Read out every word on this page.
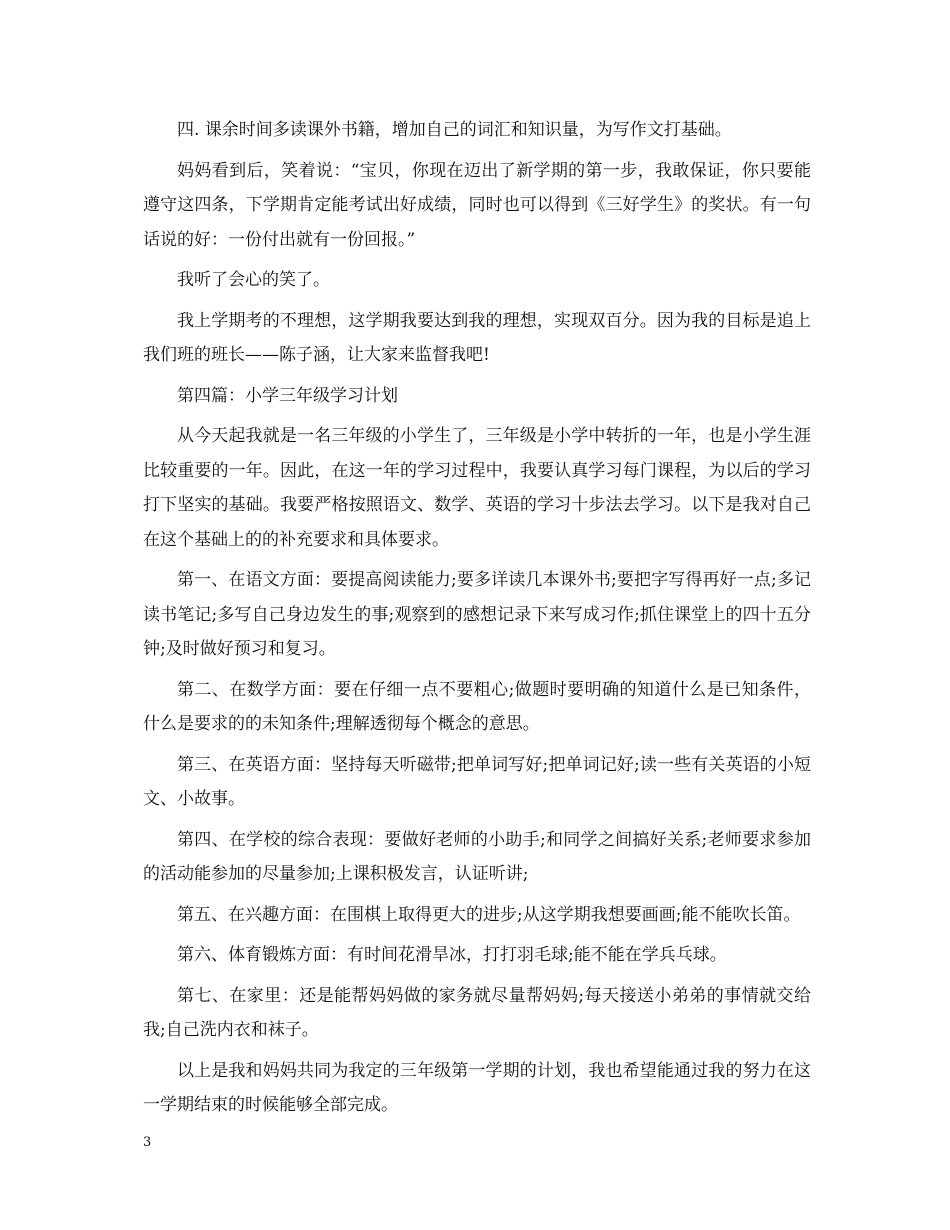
四. 课余时间多读课外书籍，增加自己的词汇和知识量，为写作文打基础。

妈妈看到后，笑着说：“宝贝，你现在迈出了新学期的第一步，我敢保证，你只要能遵守这四条，下学期肯定能考试出好成绩，同时也可以得到《三好学生》的奖状。有一句话说的好：一份付出就有一份回报。”

我听了会心的笑了。

我上学期考的不理想，这学期我要达到我的理想，实现双百分。因为我的目标是追上我们班的班长——陈子涵，让大家来监督我吧!

第四篇：小学三年级学习计划

从今天起我就是一名三年级的小学生了，三年级是小学中转折的一年，也是小学生涯比较重要的一年。因此，在这一年的学习过程中，我要认真学习每门课程，为以后的学习打下坚实的基础。我要严格按照语文、数学、英语的学习十步法去学习。以下是我对自己在这个基础上的的补充要求和具体要求。

第一、在语文方面：要提高阅读能力;要多详读几本课外书;要把字写得再好一点;多记读书笔记;多写自己身边发生的事;观察到的感想记录下来写成习作;抓住课堂上的四十五分钟;及时做好预习和复习。

第二、在数学方面：要在仔细一点不要粗心;做题时要明确的知道什么是已知条件，什么是要求的的未知条件;理解透彻每个概念的意思。

第三、在英语方面：坚持每天听磁带;把单词写好;把单词记好;读一些有关英语的小短文、小故事。

第四、在学校的综合表现：要做好老师的小助手;和同学之间搞好关系;老师要求参加的活动能参加的尽量参加;上课积极发言，认证听讲;

第五、在兴趣方面：在围棋上取得更大的进步;从这学期我想要画画;能不能吹长笛。

第六、体育锻炼方面：有时间花滑旱冰，打打羽毛球;能不能在学兵乓球。

第七、在家里：还是能帮妈妈做的家务就尽量帮妈妈;每天接送小弟弟的事情就交给我;自己洗内衣和袜子。

以上是我和妈妈共同为我定的三年级第一学期的计划，我也希望能通过我的努力在这一学期结束的时候能够全部完成。

3
